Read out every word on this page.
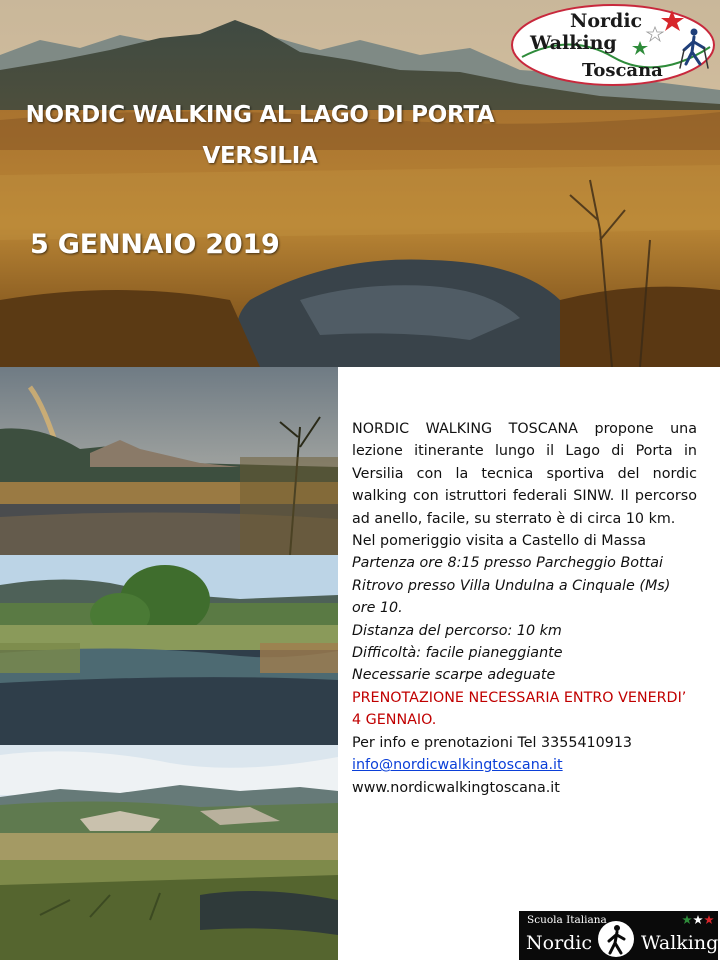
Nordic
Walking
Toscana
NORDIC WALKING AL LAGO DI PORTA
VERSILIA
5 GENNAIO 2019

NORDIC WALKING TOSCANA propone una lezione itinerante lungo il Lago di Porta in Versilia con la tecnica sportiva del nordic walking con istruttori federali SINW. Il percorso ad anello, facile, su sterrato è di circa 10 km.

Nel pomeriggio visita a Castello di Massa

Partenza ore 8:15 presso Parcheggio Bottai

Ritrovo presso Villa Undulna a Cinquale (Ms) ore 10.

Distanza del percorso: 10 km

Difficoltà: facile pianeggiante

Necessarie scarpe adeguate

PRENOTAZIONE NECESSARIA ENTRO VENERDI’ 4 GENNAIO.

Per info e prenotazioni Tel 3355410913

info@nordicwalkingtoscana.it

www.nordicwalkingtoscana.it

Scuola Italiana
Nordic	Walking
